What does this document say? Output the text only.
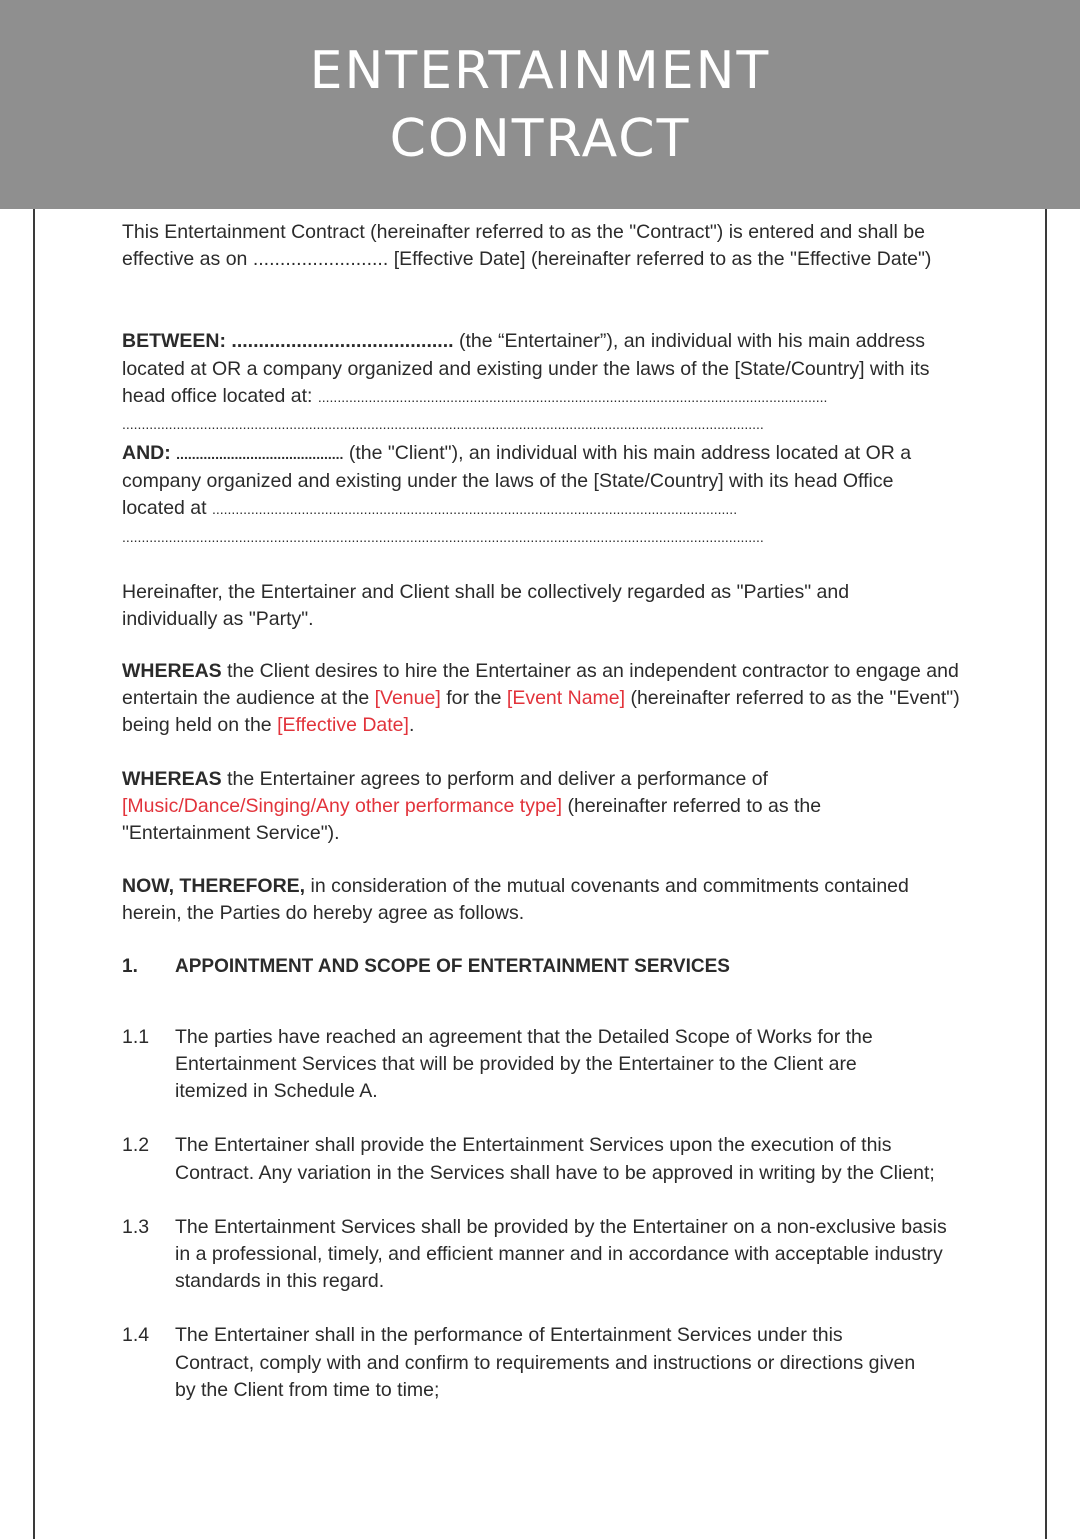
ENTERTAINMENT
CONTRACT

This Entertainment Contract (hereinafter referred to as the "Contract") is entered and shall be effective as on ......................... [Effective Date] (hereinafter referred to as the "Effective Date")

BETWEEN: ......................................... (the “Entertainer”), an individual with his main address located at OR a company organized and existing under the laws of the [State/Country] with its head office located at: ...................................................................................................................................

.....................................................................................................................................................................

AND: ........................................... (the "Client"), an individual with his main address located at OR a company organized and existing under the laws of the [State/Country] with its head Office located at .......................................................................................................................................

.....................................................................................................................................................................

Hereinafter, the Entertainer and Client shall be collectively regarded as "Parties" and individually as "Party".

WHEREAS the Client desires to hire the Entertainer as an independent contractor to engage and entertain the audience at the [Venue] for the [Event Name] (hereinafter referred to as the "Event") being held on the [Effective Date].

WHEREAS the Entertainer agrees to perform and deliver a performance of [Music/Dance/Singing/Any other performance type] (hereinafter referred to as the "Entertainment Service").

NOW, THEREFORE, in consideration of the mutual covenants and commitments contained herein, the Parties do hereby agree as follows.

1.	APPOINTMENT AND SCOPE OF ENTERTAINMENT SERVICES
1.1	The parties have reached an agreement that the Detailed Scope of Works for the Entertainment Services that will be provided by the Entertainer to the Client are itemized in Schedule A.
1.2	The Entertainer shall provide the Entertainment Services upon the execution of this Contract. Any variation in the Services shall have to be approved in writing by the Client;
1.3	The Entertainment Services shall be provided by the Entertainer on a non-exclusive basis in a professional, timely, and efficient manner and in accordance with acceptable industry standards in this regard.
1.4	The Entertainer shall in the performance of Entertainment Services under this Contract, comply with and confirm to requirements and instructions or directions given by the Client from time to time;
